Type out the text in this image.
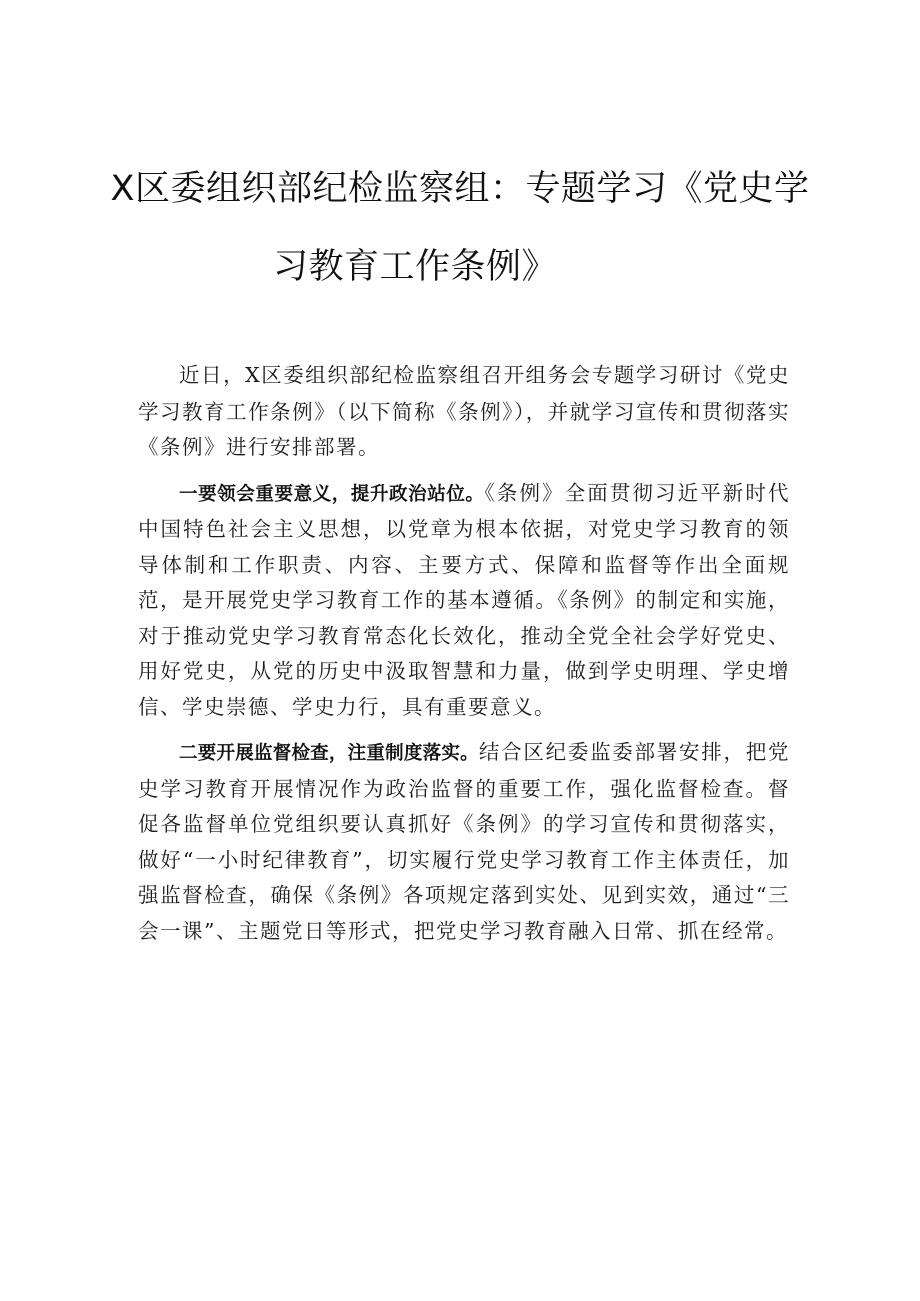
X区委组织部纪检监察组：专题学习《党史学
习教育工作条例》

近日，X区委组织部纪检监察组召开组务会专题学习研讨《党史学习教育工作条例》（以下简称《条例》），并就学习宣传和贯彻落实《条例》进行安排部署。

一要领会重要意义，提升政治站位。《条例》全面贯彻习近平新时代中国特色社会主义思想，以党章为根本依据，对党史学习教育的领导体制和工作职责、内容、主要方式、保障和监督等作出全面规范，是开展党史学习教育工作的基本遵循。《条例》的制定和实施，对于推动党史学习教育常态化长效化，推动全党全社会学好党史、用好党史，从党的历史中汲取智慧和力量，做到学史明理、学史增信、学史崇德、学史力行，具有重要意义。

二要开展监督检查，注重制度落实。结合区纪委监委部署安排，把党史学习教育开展情况作为政治监督的重要工作，强化监督检查。督促各监督单位党组织要认真抓好《条例》的学习宣传和贯彻落实，做好“一小时纪律教育”，切实履行党史学习教育工作主体责任，加强监督检查，确保《条例》各项规定落到实处、见到实效，通过“三会一课”、主题党日等形式，把党史学习教育融入日常、抓在经常。
